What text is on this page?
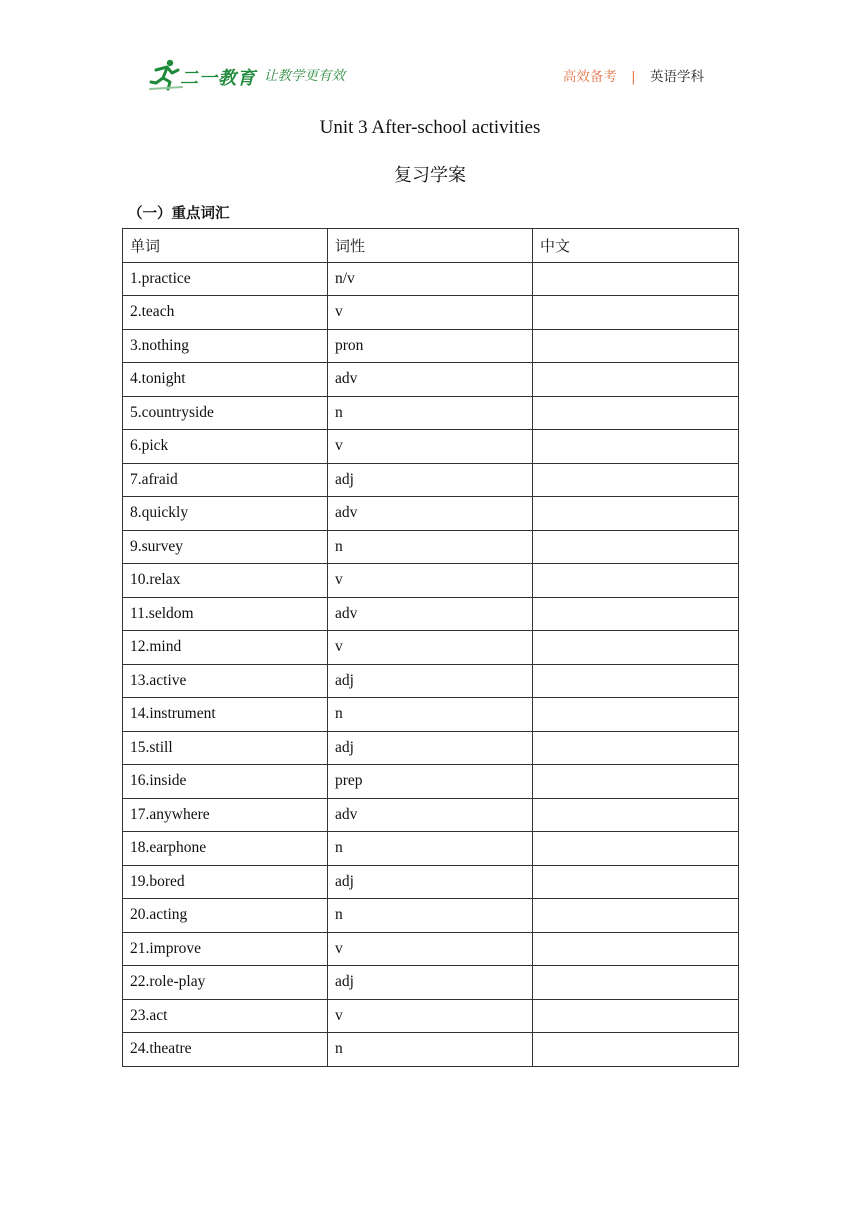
二一教育 让教学更有效	高效备考 | 英语学科
Unit 3 After-school activities
复习学案
（一）重点词汇
单词	词性	中文
1.practice	n/v	
2.teach	v	
3.nothing	pron	
4.tonight	adv	
5.countryside	n	
6.pick	v	
7.afraid	adj	
8.quickly	adv	
9.survey	n	
10.relax	v	
11.seldom	adv	
12.mind	v	
13.active	adj	
14.instrument	n	
15.still	adj	
16.inside	prep	
17.anywhere	adv	
18.earphone	n	
19.bored	adj	
20.acting	n	
21.improve	v	
22.role-play	adj	
23.act	v	
24.theatre	n	
